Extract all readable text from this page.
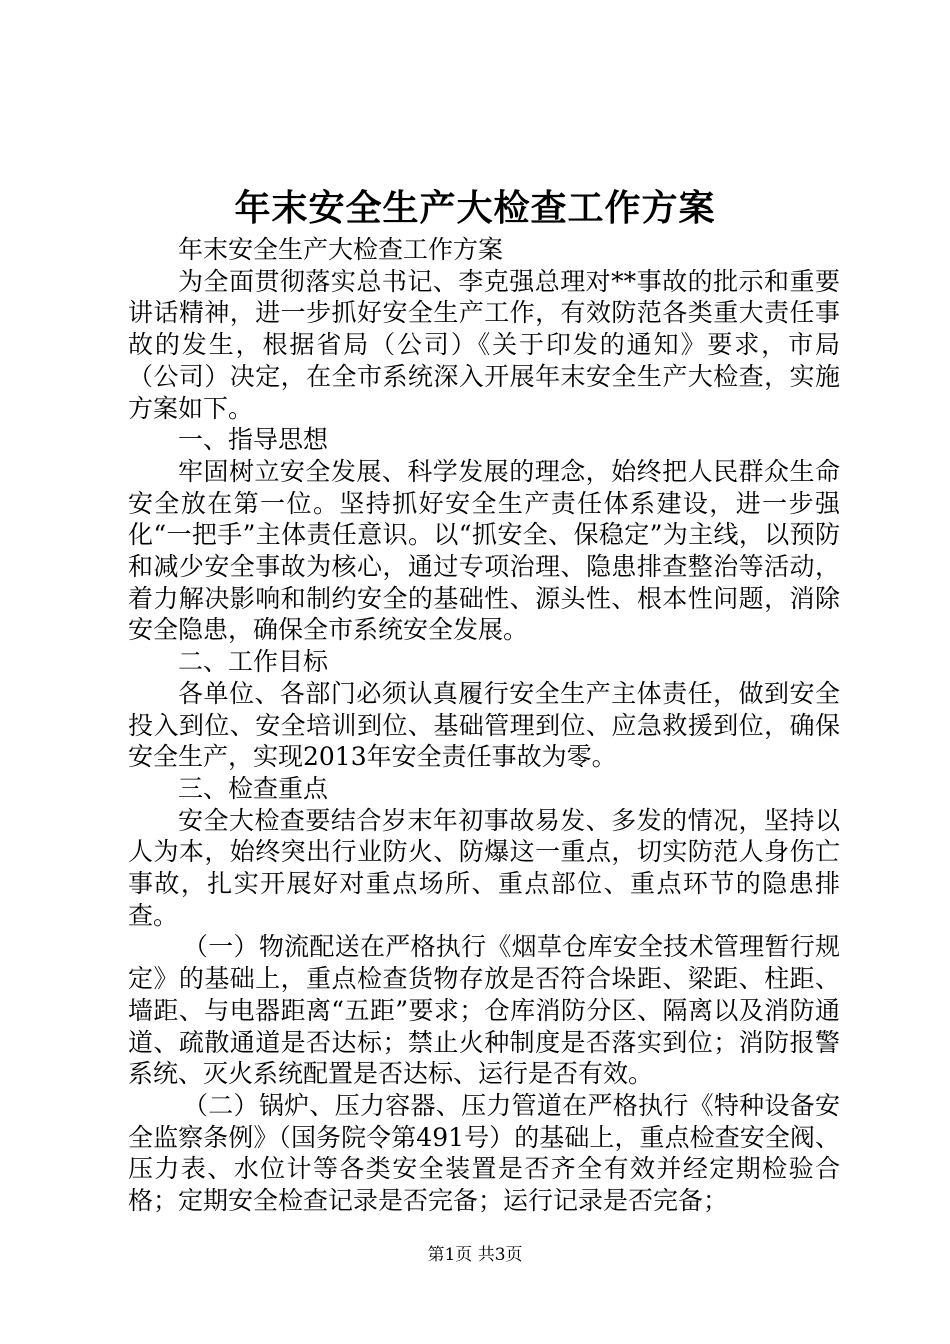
年末安全生产大检查工作方案

年末安全生产大检查工作方案

为全面贯彻落实总书记、李克强总理对**事故的批示和重要讲话精神，进一步抓好安全生产工作，有效防范各类重大责任事故的发生，根据省局（公司）《关于印发的通知》要求，市局（公司）决定，在全市系统深入开展年末安全生产大检查，实施方案如下。

一、指导思想

牢固树立安全发展、科学发展的理念，始终把人民群众生命安全放在第一位。坚持抓好安全生产责任体系建设，进一步强化“一把手”主体责任意识。以“抓安全、保稳定”为主线，以预防和减少安全事故为核心，通过专项治理、隐患排查整治等活动，着力解决影响和制约安全的基础性、源头性、根本性问题，消除安全隐患，确保全市系统安全发展。

二、工作目标

各单位、各部门必须认真履行安全生产主体责任，做到安全投入到位、安全培训到位、基础管理到位、应急救援到位，确保安全生产，实现2013年安全责任事故为零。

三、检查重点

安全大检查要结合岁末年初事故易发、多发的情况，坚持以人为本，始终突出行业防火、防爆这一重点，切实防范人身伤亡事故，扎实开展好对重点场所、重点部位、重点环节的隐患排查。

（一）物流配送在严格执行《烟草仓库安全技术管理暂行规定》的基础上，重点检查货物存放是否符合垛距、梁距、柱距、墙距、与电器距离“五距”要求；仓库消防分区、隔离以及消防通道、疏散通道是否达标；禁止火种制度是否落实到位；消防报警系统、灭火系统配置是否达标、运行是否有效。

（二）锅炉、压力容器、压力管道在严格执行《特种设备安全监察条例》（国务院令第491号）的基础上，重点检查安全阀、压力表、水位计等各类安全装置是否齐全有效并经定期检验合格；定期安全检查记录是否完备；运行记录是否完备；

第1页 共3页
